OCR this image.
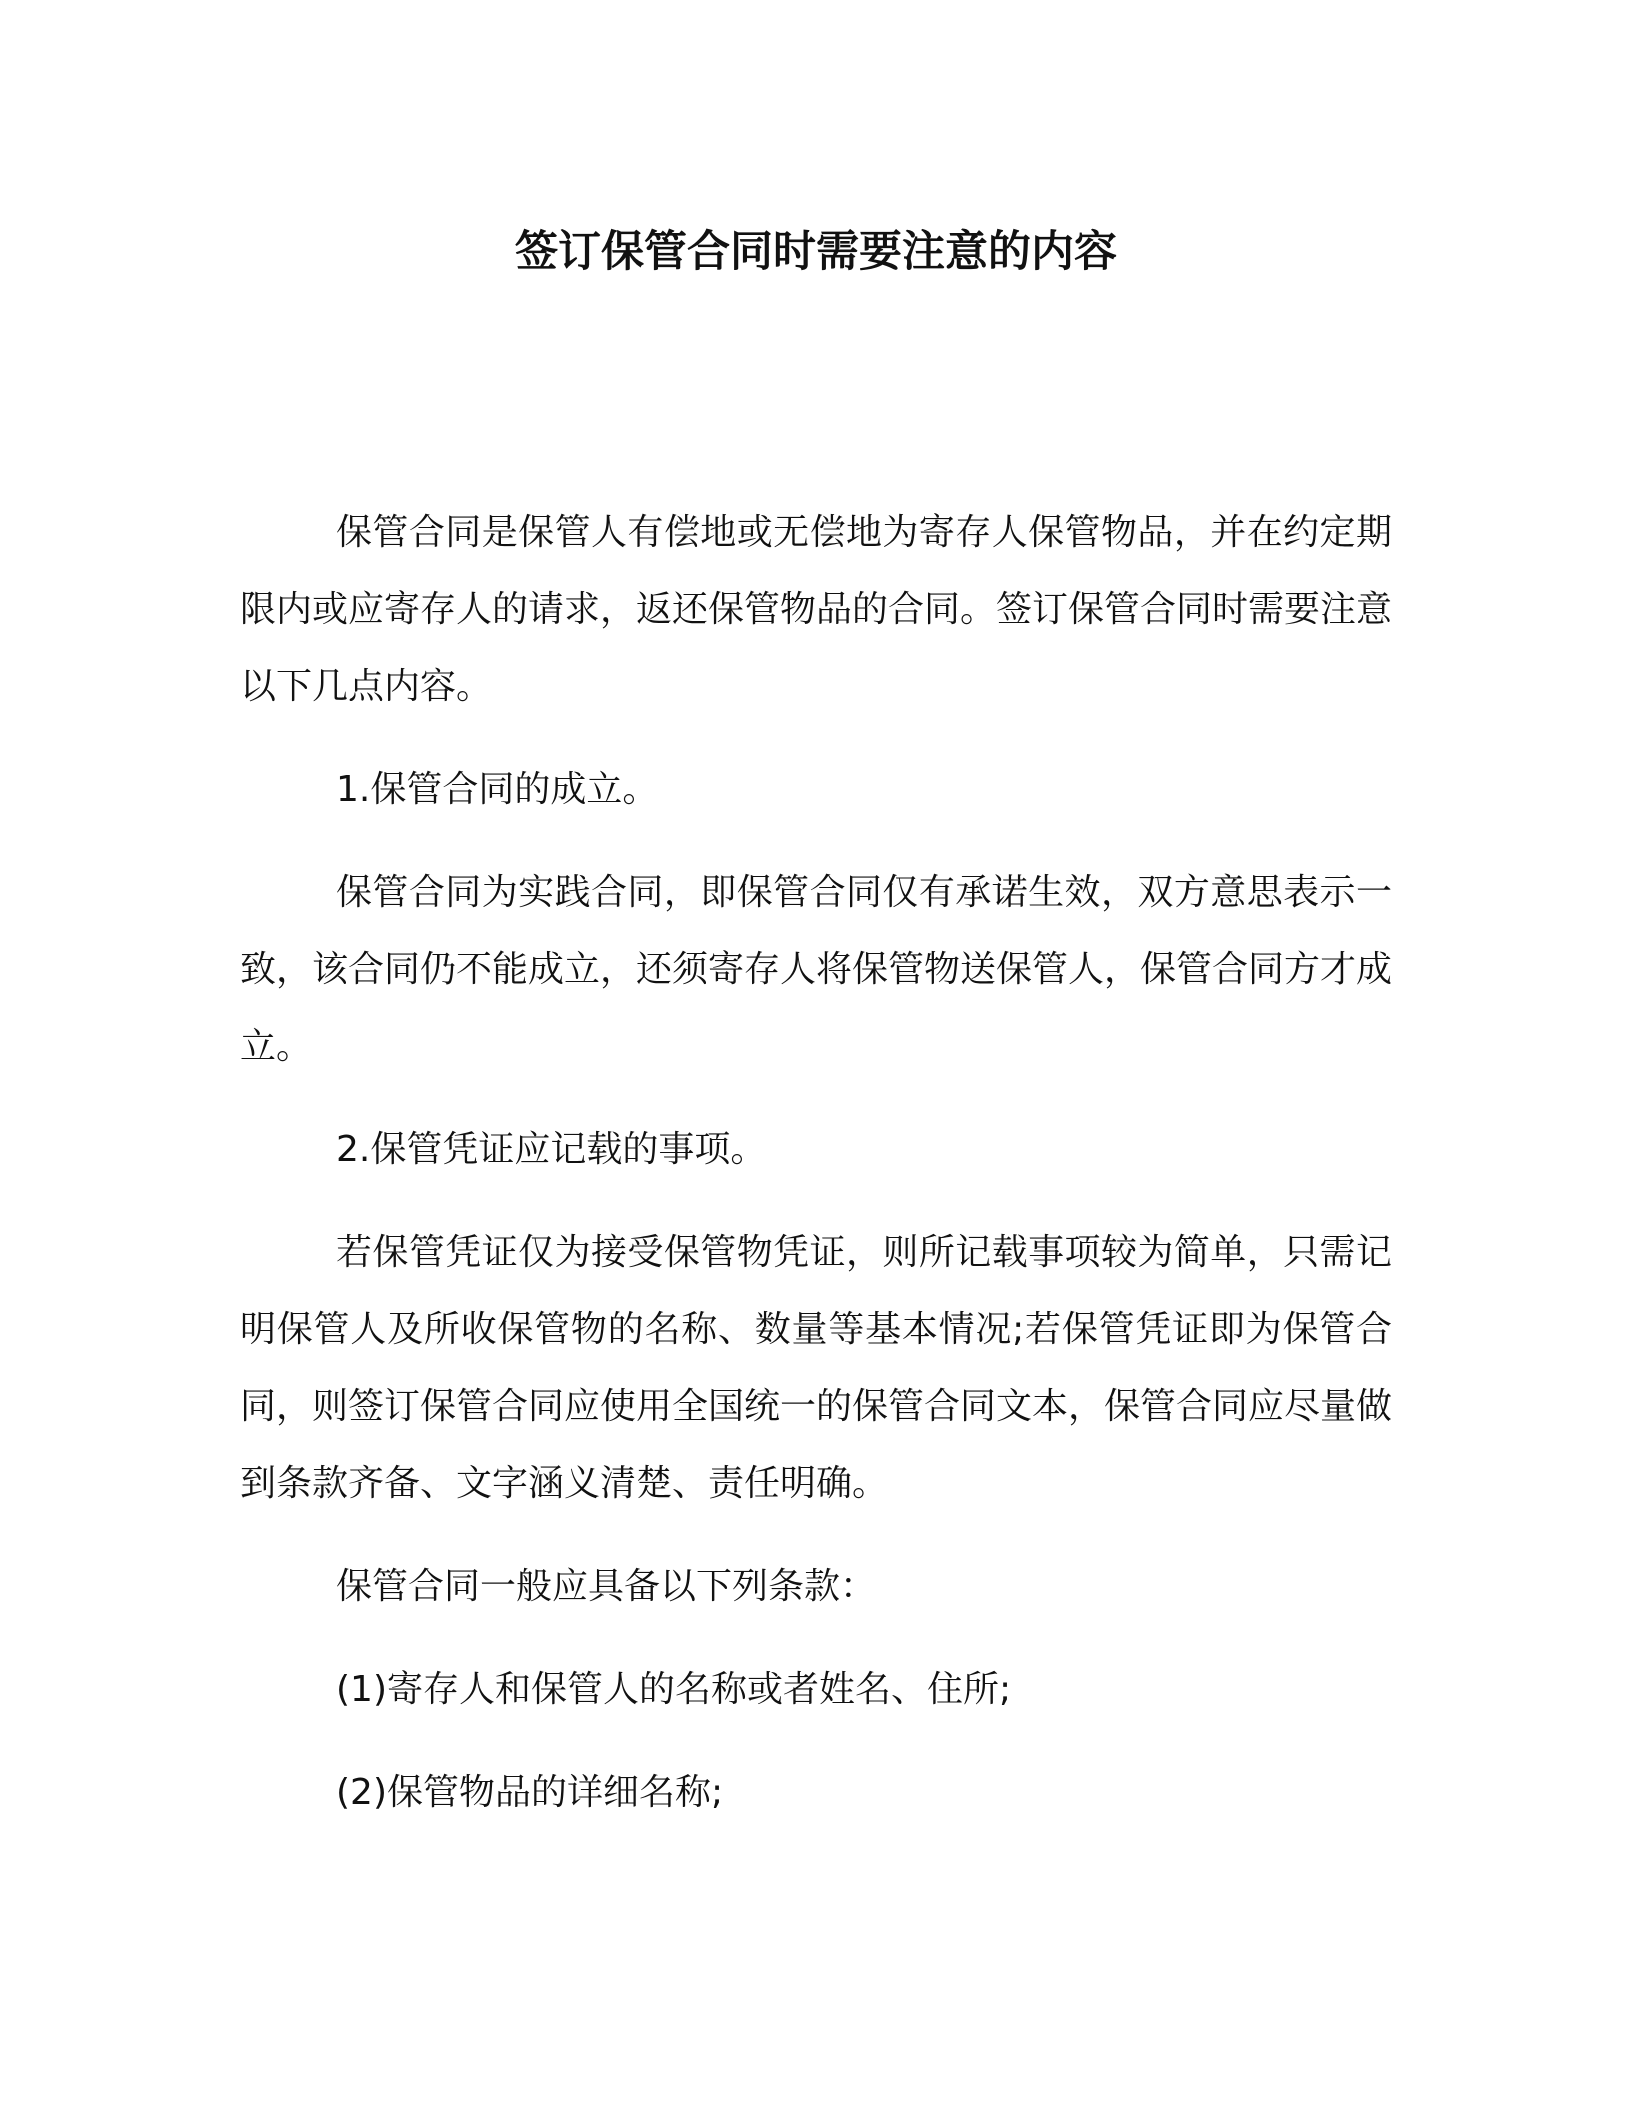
签订保管合同时需要注意的内容

保管合同是保管人有偿地或无偿地为寄存人保管物品，并在约定期限内或应寄存人的请求，返还保管物品的合同。签订保管合同时需要注意以下几点内容。

1.保管合同的成立。

保管合同为实践合同，即保管合同仅有承诺生效，双方意思表示一致，该合同仍不能成立，还须寄存人将保管物送保管人，保管合同方才成立。

2.保管凭证应记载的事项。

若保管凭证仅为接受保管物凭证，则所记载事项较为简单，只需记明保管人及所收保管物的名称、数量等基本情况;若保管凭证即为保管合同，则签订保管合同应使用全国统一的保管合同文本，保管合同应尽量做到条款齐备、文字涵义清楚、责任明确。

保管合同一般应具备以下列条款：

(1)寄存人和保管人的名称或者姓名、住所;

(2)保管物品的详细名称;
